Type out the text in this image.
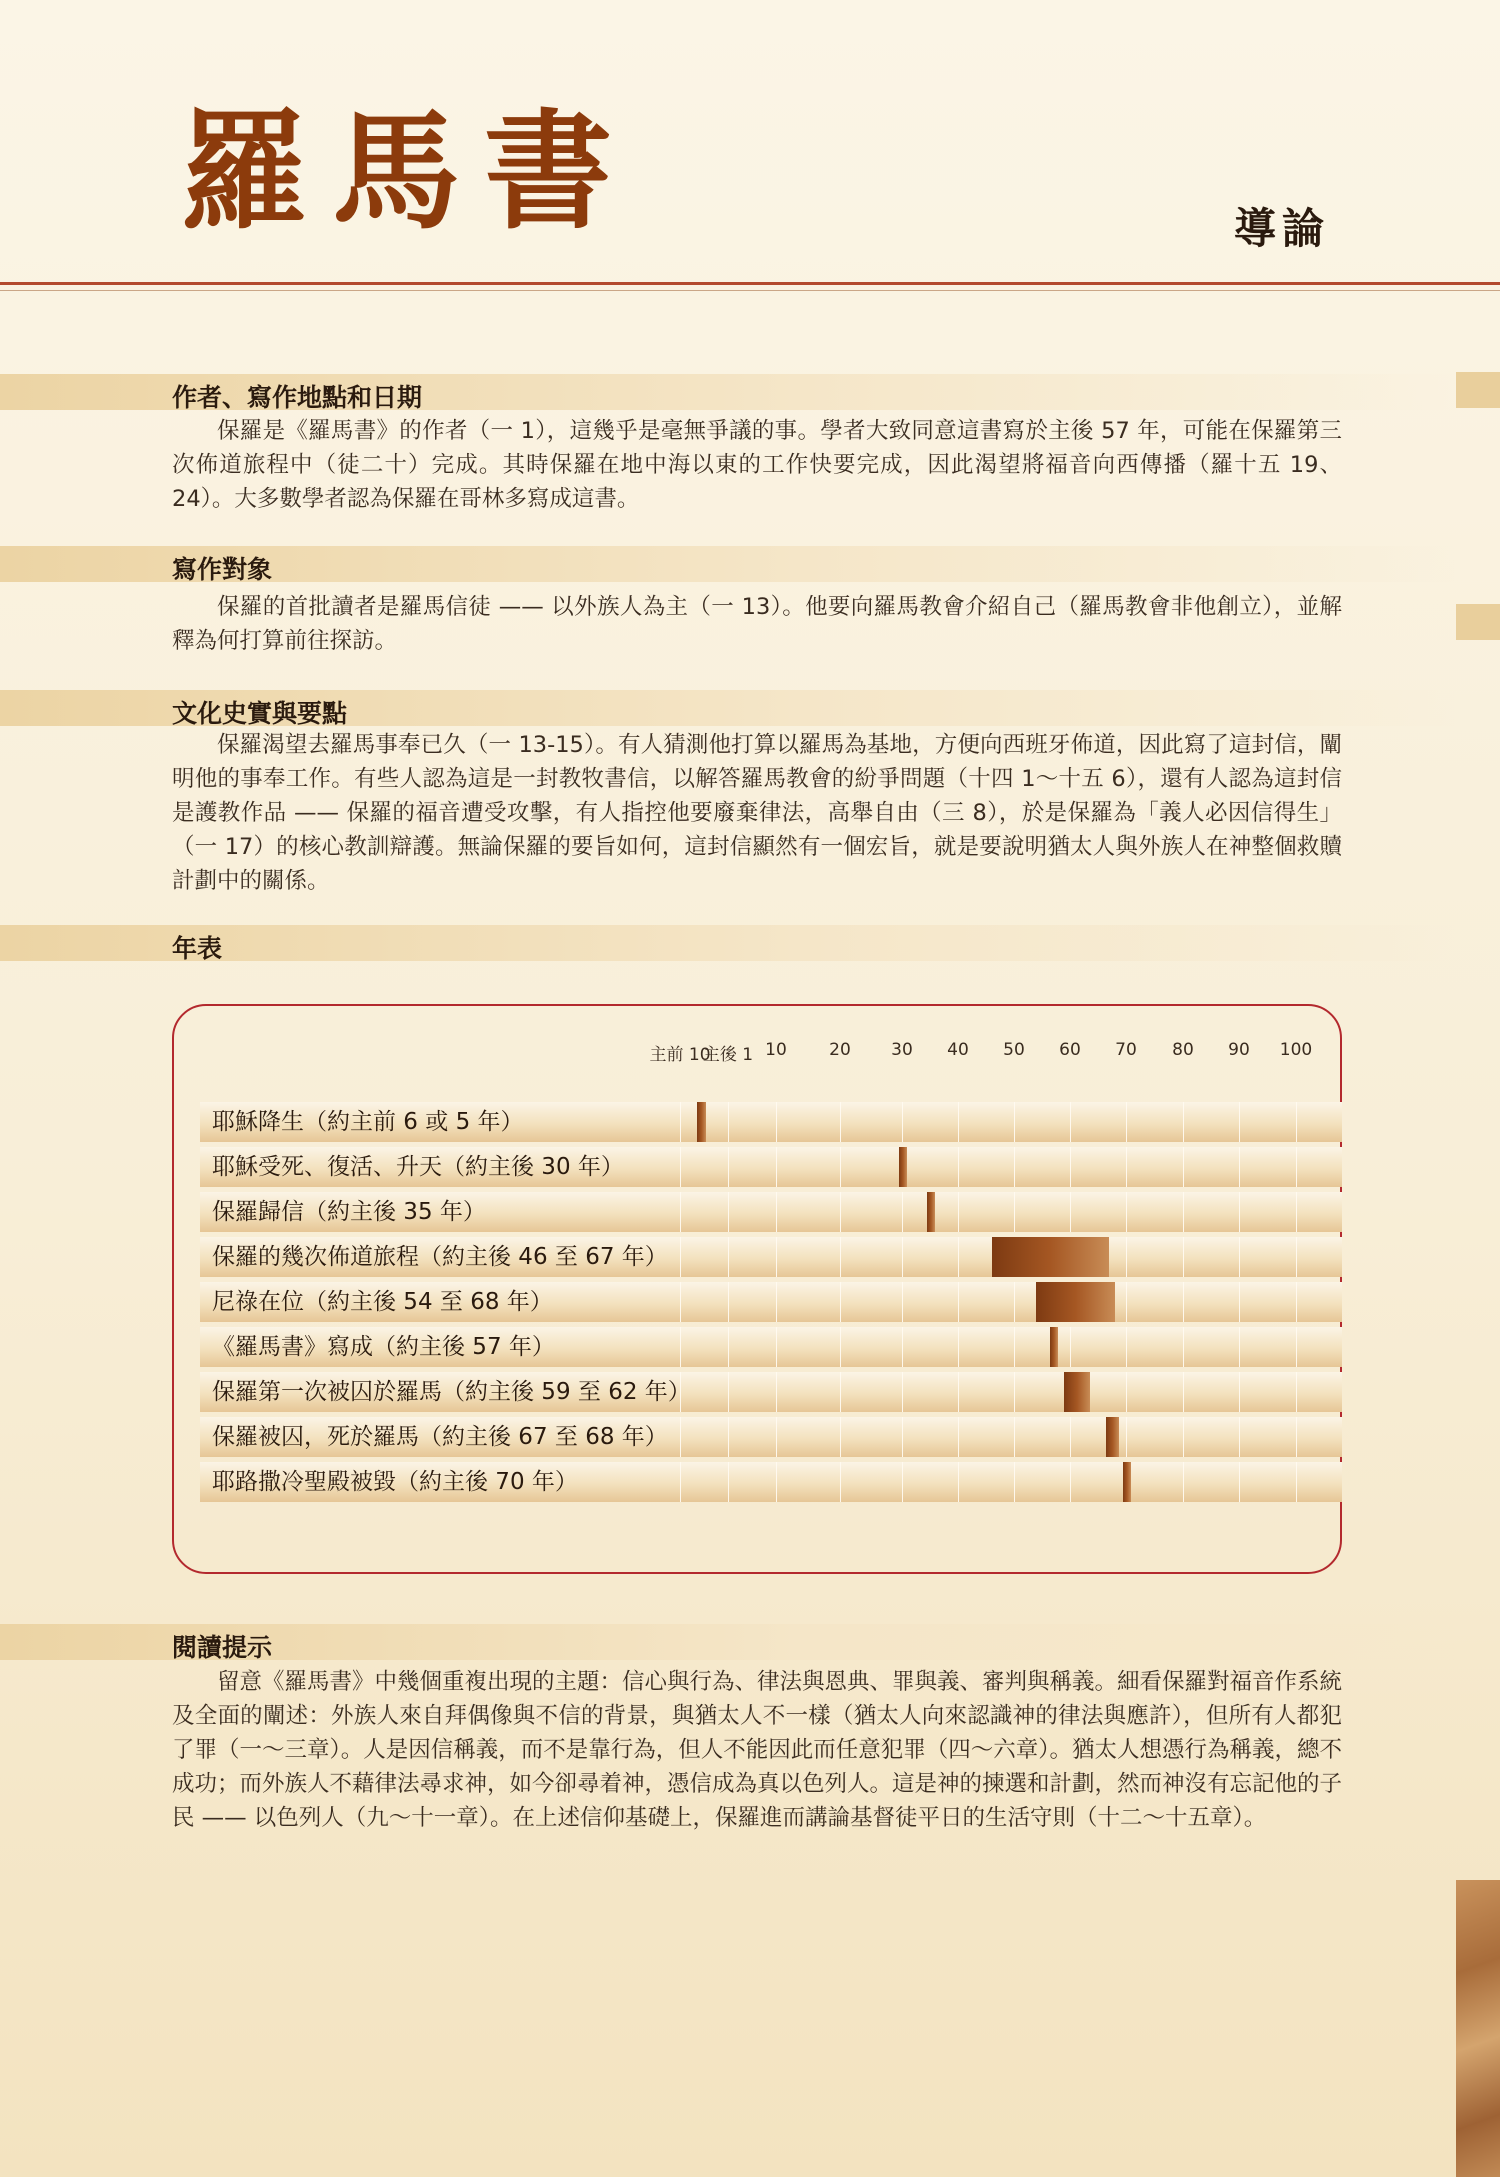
羅馬書	導論
作者、寫作地點和日期

保羅是《羅馬書》的作者（一 1），這幾乎是毫無爭議的事。學者大致同意這書寫於主後 57 年，可能在保羅第三次佈道旅程中（徒二十）完成。其時保羅在地中海以東的工作快要完成，因此渴望將福音向西傳播（羅十五 19、24）。大多數學者認為保羅在哥林多寫成這書。

寫作對象

保羅的首批讀者是羅馬信徒 —— 以外族人為主（一 13）。他要向羅馬教會介紹自己（羅馬教會非他創立），並解釋為何打算前往探訪。

文化史實與要點

保羅渴望去羅馬事奉已久（一 13-15）。有人猜測他打算以羅馬為基地，方便向西班牙佈道，因此寫了這封信，闡明他的事奉工作。有些人認為這是一封教牧書信，以解答羅馬教會的紛爭問題（十四 1～十五 6），還有人認為這封信是護教作品 —— 保羅的福音遭受攻擊，有人指控他要廢棄律法，高舉自由（三 8），於是保羅為「義人必因信得生」（一 17）的核心教訓辯護。無論保羅的要旨如何，這封信顯然有一個宏旨，就是要說明猶太人與外族人在神整個救贖計劃中的關係。

年表
主前 10
主後 1 10 20 30 40 50 60 70 80 90 100
耶穌降生（約主前 6 或 5 年）
耶穌受死、復活、升天（約主後 30 年）
保羅歸信（約主後 35 年）
保羅的幾次佈道旅程（約主後 46 至 67 年）
尼祿在位（約主後 54 至 68 年）
《羅馬書》寫成（約主後 57 年）
保羅第一次被囚於羅馬（約主後 59 至 62 年）
保羅被囚，死於羅馬（約主後 67 至 68 年）
耶路撒冷聖殿被毀（約主後 70 年）
閱讀提示

留意《羅馬書》中幾個重複出現的主題：信心與行為、律法與恩典、罪與義、審判與稱義。細看保羅對福音作系統及全面的闡述：外族人來自拜偶像與不信的背景，與猶太人不一樣（猶太人向來認識神的律法與應許），但所有人都犯了罪（一～三章）。人是因信稱義，而不是靠行為，但人不能因此而任意犯罪（四～六章）。猶太人想憑行為稱義，總不成功；而外族人不藉律法尋求神，如今卻尋着神，憑信成為真以色列人。這是神的揀選和計劃，然而神沒有忘記他的子民 —— 以色列人（九～十一章）。在上述信仰基礎上，保羅進而講論基督徒平日的生活守則（十二～十五章）。
